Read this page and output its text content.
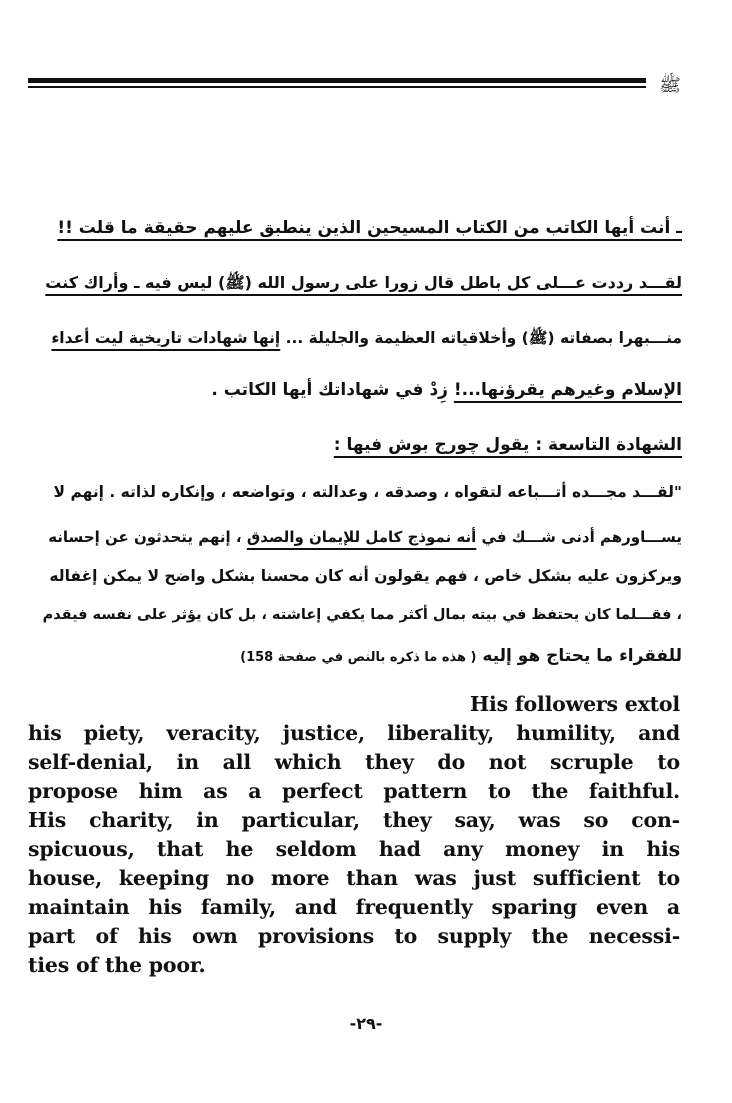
ﷺ
ـ أنت أيها الكاتب من الكتاب المسيحين الذين ينطبق عليهم حقيقة ما قلت !!
لقـــد رددت عـــلى كل باطل قال زورا على رسول الله (ﷺ) ليس فيه ـ وأراك كنت
منـــبهرا بصفاته (ﷺ) وأخلاقياته العظيمة والجليلة ... إنها شهادات تاريخية ليت أعداء
الإسلام وغيرهم يقرؤنها...! زِدْ في شهاداتك أيها الكاتب .
الشهادة التاسعة : يقول چورج بوش فيها :
"لقـــد مجـــده أتـــباعه لتقواه ، وصدقه ، وعدالته ، وتواضعه ، وإنكاره لذاته . إنهم لا
يســـاورهم أدنى شـــك في أنه نموذج كامل للإيمان والصدق ، إنهم يتحدثون عن إحسانه
ويركزون عليه بشكل خاص ، فهم يقولون أنه كان محسنا بشكل واضح لا يمكن إغفاله
، فقـــلما كان يحتفظ في بيته بمال أكثر مما يكفي إعاشته ، بل كان يؤثر على نفسه فيقدم
للفقراء ما يحتاج هو إليه ( هذه ما ذكره بالنص في صفحة 158)
His followers extol
his piety, veracity, justice, liberality, humility, and
self-denial, in all which they do not scruple to
propose him as a perfect pattern to the faithful.
His charity, in particular, they say, was so con-
spicuous, that he seldom had any money in his
house, keeping no more than was just sufficient to
maintain his family, and frequently sparing even a
part of his own provisions to supply the necessi-
ties of the poor.
-٢٩-
